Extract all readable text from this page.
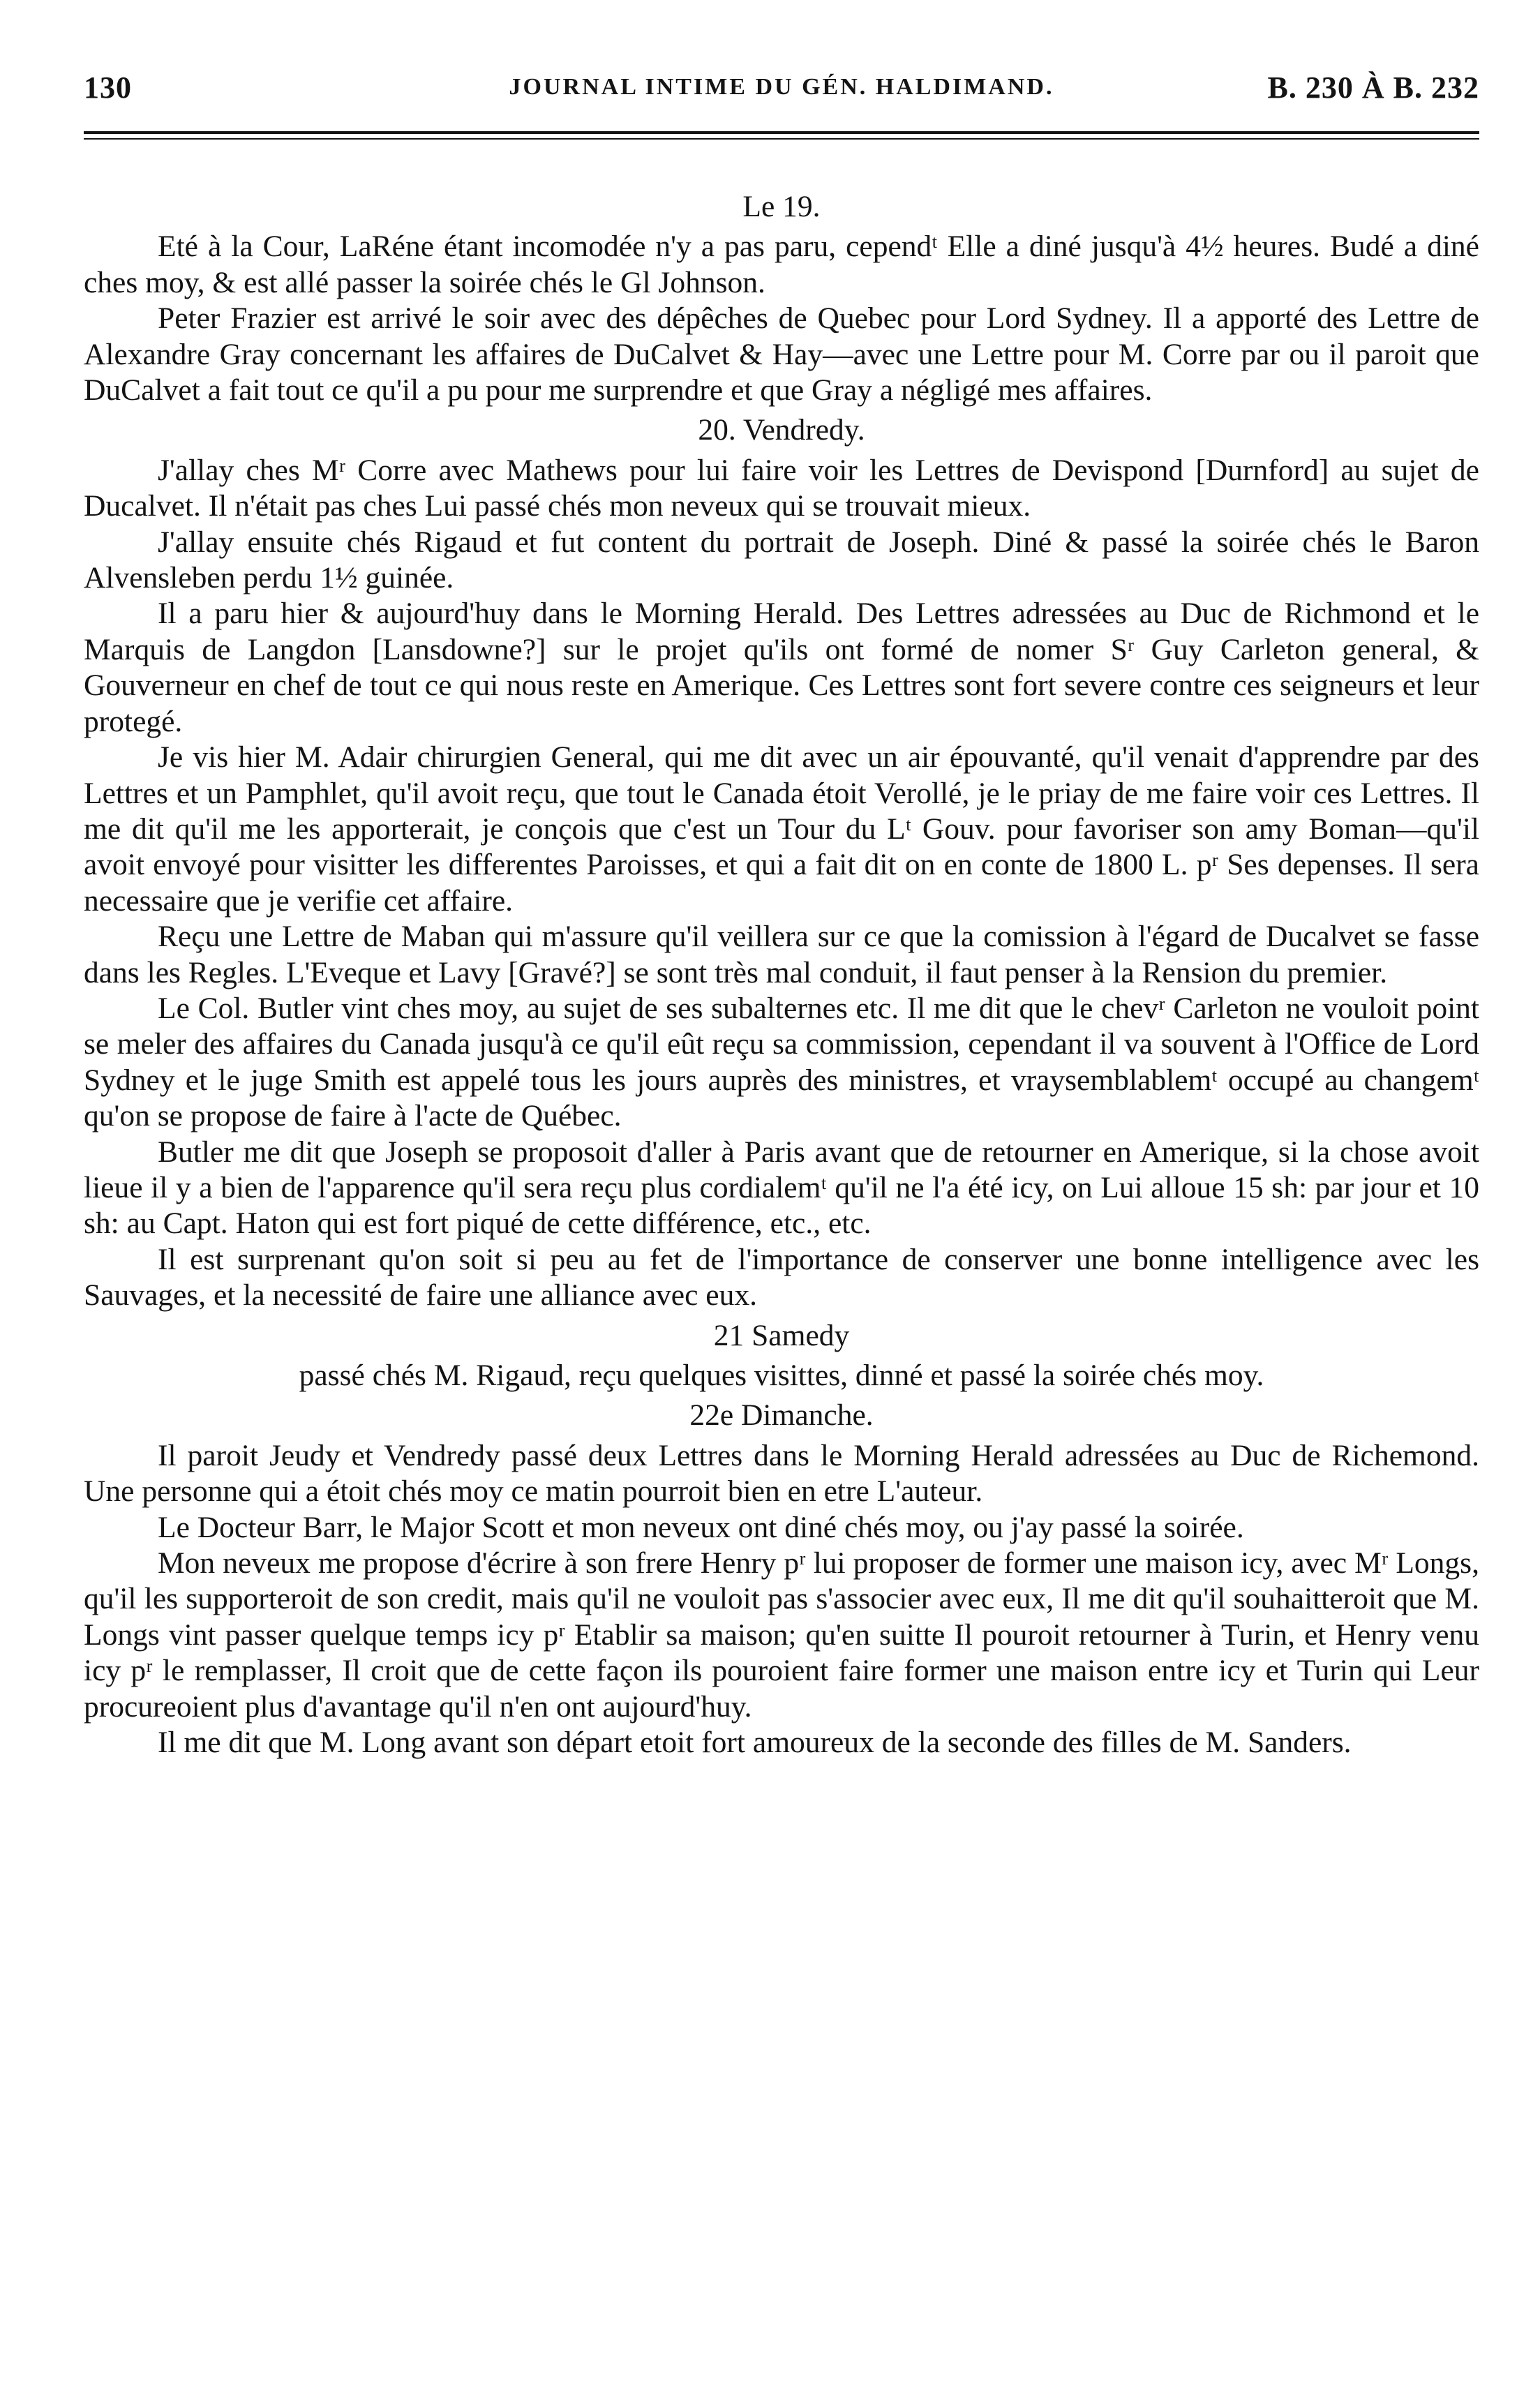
130	JOURNAL INTIME DU GÉN. HALDIMAND.	B. 230 À B. 232
Le 19.

Eté à la Cour, LaRéne étant incomodée n'y a pas paru, cependᵗ Elle a diné jusqu'à 4½ heures. Budé a diné ches moy, & est allé passer la soirée chés le Gl Johnson.

Peter Frazier est arrivé le soir avec des dépêches de Quebec pour Lord Sydney. Il a apporté des Lettre de Alexandre Gray concernant les affaires de DuCalvet & Hay—avec une Lettre pour M. Corre par ou il paroit que DuCalvet a fait tout ce qu'il a pu pour me surprendre et que Gray a négligé mes affaires.

20. Vendredy.

J'allay ches Mʳ Corre avec Mathews pour lui faire voir les Lettres de Devispond [Durnford] au sujet de Ducalvet. Il n'était pas ches Lui passé chés mon neveux qui se trouvait mieux.

J'allay ensuite chés Rigaud et fut content du portrait de Joseph. Diné & passé la soirée chés le Baron Alvensleben perdu 1½ guinée.

Il a paru hier & aujourd'huy dans le Morning Herald. Des Lettres adressées au Duc de Richmond et le Marquis de Langdon [Lansdowne?] sur le projet qu'ils ont formé de nomer Sʳ Guy Carleton general, & Gouverneur en chef de tout ce qui nous reste en Amerique. Ces Lettres sont fort severe contre ces seigneurs et leur protegé.

Je vis hier M. Adair chirurgien General, qui me dit avec un air épouvanté, qu'il venait d'apprendre par des Lettres et un Pamphlet, qu'il avoit reçu, que tout le Canada étoit Verollé, je le priay de me faire voir ces Lettres. Il me dit qu'il me les apporterait, je conçois que c'est un Tour du Lᵗ Gouv. pour favoriser son amy Boman—qu'il avoit envoyé pour visitter les differentes Paroisses, et qui a fait dit on en conte de 1800 L. pʳ Ses depenses. Il sera necessaire que je verifie cet affaire.

Reçu une Lettre de Maban qui m'assure qu'il veillera sur ce que la comission à l'égard de Ducalvet se fasse dans les Regles. L'Eveque et Lavy [Gravé?] se sont très mal conduit, il faut penser à la Rension du premier.

Le Col. Butler vint ches moy, au sujet de ses subalternes etc. Il me dit que le chevʳ Carleton ne vouloit point se meler des affaires du Canada jusqu'à ce qu'il eût reçu sa commission, cependant il va souvent à l'Office de Lord Sydney et le juge Smith est appelé tous les jours auprès des ministres, et vraysemblablemᵗ occupé au changemᵗ qu'on se propose de faire à l'acte de Québec.

Butler me dit que Joseph se proposoit d'aller à Paris avant que de retourner en Amerique, si la chose avoit lieue il y a bien de l'apparence qu'il sera reçu plus cordialemᵗ qu'il ne l'a été icy, on Lui alloue 15 sh: par jour et 10 sh: au Capt. Haton qui est fort piqué de cette différence, etc., etc.

Il est surprenant qu'on soit si peu au fet de l'importance de conserver une bonne intelligence avec les Sauvages, et la necessité de faire une alliance avec eux.

21 Samedy

passé chés M. Rigaud, reçu quelques visittes, dinné et passé la soirée chés moy.

22e Dimanche.

Il paroit Jeudy et Vendredy passé deux Lettres dans le Morning Herald adressées au Duc de Richemond. Une personne qui a étoit chés moy ce matin pourroit bien en etre L'auteur.

Le Docteur Barr, le Major Scott et mon neveux ont diné chés moy, ou j'ay passé la soirée.

Mon neveux me propose d'écrire à son frere Henry pʳ lui proposer de former une maison icy, avec Mʳ Longs, qu'il les supporteroit de son credit, mais qu'il ne vouloit pas s'associer avec eux, Il me dit qu'il souhaitteroit que M. Longs vint passer quelque temps icy pʳ Etablir sa maison; qu'en suitte Il pouroit retourner à Turin, et Henry venu icy pʳ le remplasser, Il croit que de cette façon ils pouroient faire former une maison entre icy et Turin qui Leur procureoient plus d'avantage qu'il n'en ont aujourd'huy.

Il me dit que M. Long avant son départ etoit fort amoureux de la seconde des filles de M. Sanders.
